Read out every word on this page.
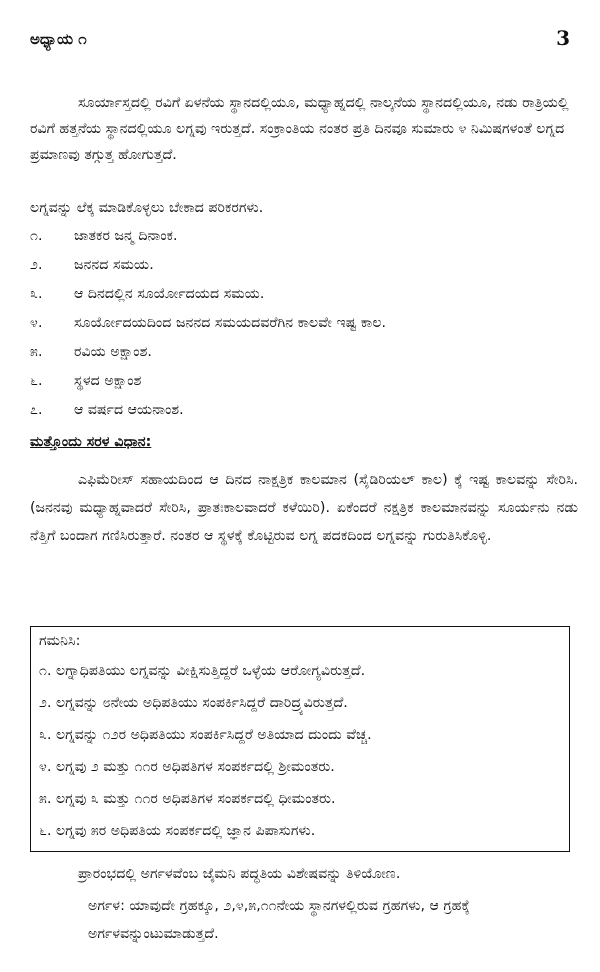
ಅಧ್ಯಾಯ ೧	3

ಸೂರ್ಯಾಸ್ತದಲ್ಲಿ ರವಿಗೆ ಏಳನೆಯ ಸ್ಥಾನದಲ್ಲಿಯೂ, ಮಧ್ಯಾಹ್ನದಲ್ಲಿ ನಾಲ್ಕನೆಯ ಸ್ಥಾನದಲ್ಲಿಯೂ, ನಡು ರಾತ್ರಿಯಲ್ಲಿ ರವಿಗೆ ಹತ್ತನೆಯ ಸ್ಥಾನದಲ್ಲಿಯೂ ಲಗ್ನವು ಇರುತ್ತದೆ. ಸಂಕ್ರಾಂತಿಯ ನಂತರ ಪ್ರತಿ ದಿನವೂ ಸುಮಾರು ೪ ನಿಮಿಷಗಳಂತೆ ಲಗ್ನದ ಪ್ರಮಾಣವು ತಗ್ಗುತ್ತ ಹೋಗುತ್ತದೆ.

ಲಗ್ನವನ್ನು ಲೆಕ್ಕ ಮಾಡಿಕೊಳ್ಳಲು ಬೇಕಾದ ಪರಿಕರಗಳು.
೧. ಜಾತಕರ ಜನ್ಮ ದಿನಾಂಕ.
೨. ಜನನದ ಸಮಯ.
೩. ಆ ದಿನದಲ್ಲಿನ ಸೂರ್ಯೋದಯದ ಸಮಯ.
೪. ಸೂರ್ಯೋದಯದಿಂದ ಜನನದ ಸಮಯದವರೆಗಿನ ಕಾಲವೇ ಇಷ್ಟ ಕಾಲ.
೫. ರವಿಯ ಅಕ್ಷಾಂಶ.
೬. ಸ್ಥಳದ ಅಕ್ಷಾಂಶ
೭. ಆ ವರ್ಷದ ಆಯನಾಂಶ.
ಮತ್ತೊಂದು ಸರಳ ವಿಧಾನ:

ಎಫಿಮೆರೀಸ್ ಸಹಾಯದಿಂದ ಆ ದಿನದ ನಾಕ್ಷತ್ರಿಕ ಕಾಲಮಾನ (ಸೈಡಿರಿಯಲ್ ಕಾಲ) ಕ್ಕೆ ಇಷ್ಟ ಕಾಲವನ್ನು ಸೇರಿಸಿ. (ಜನನವು ಮಧ್ಯಾಹ್ನವಾದರೆ ಸೇರಿಸಿ, ಪ್ರಾತಃಕಾಲವಾದರೆ ಕಳೆಯಿರಿ). ಏಕೆಂದರೆ ನಕ್ಷತ್ರಿಕ ಕಾಲಮಾನವನ್ನು ಸೂರ್ಯನು ನಡು ನೆತ್ತಿಗೆ ಬಂದಾಗ ಗಣಿಸಿರುತ್ತಾರೆ. ನಂತರ ಆ ಸ್ಥಳಕ್ಕೆ ಕೊಟ್ಟಿರುವ ಲಗ್ನ ಪದಕದಿಂದ ಲಗ್ನವನ್ನು ಗುರುತಿಸಿಕೊಳ್ಳಿ.

ಗಮನಿಸಿ:
೧. ಲಗ್ನಾಧಿಪತಿಯು ಲಗ್ನವನ್ನು ವೀಕ್ಷಿಸುತ್ತಿದ್ದರೆ ಒಳ್ಳೆಯ ಆರೋಗ್ಯವಿರುತ್ತದೆ.
೨. ಲಗ್ನವನ್ನು ೮ನೇಯ ಅಧಿಪತಿಯು ಸಂಪರ್ಕಿಸಿದ್ದರೆ ದಾರಿದ್ರ್ಯವಿರುತ್ತದೆ.
೩. ಲಗ್ನವನ್ನು ೧೨ರ ಅಧಿಪತಿಯು ಸಂಪರ್ಕಿಸಿದ್ದರೆ ಅತಿಯಾದ ದುಂದು ವೆಚ್ಚ.
೪. ಲಗ್ನವು ೨ ಮತ್ತು ೧೧ರ ಅಧಿಪತಿಗಳ ಸಂಪರ್ಕದಲ್ಲಿ ಶ್ರೀಮಂತರು.
೫. ಲಗ್ನವು ೩ ಮತ್ತು ೧೧ರ ಅಧಿಪತಿಗಳ ಸಂಪರ್ಕದಲ್ಲಿ ಧೀಮಂತರು.
೬. ಲಗ್ನವು ೫ರ ಅಧಿಪತಿಯ ಸಂಪರ್ಕದಲ್ಲಿ ಜ್ಞಾನ ಪಿಪಾಸುಗಳು.

ಪ್ರಾರಂಭದಲ್ಲಿ ಅರ್ಗಳವೆಂಬ ಜೈಮನಿ ಪದ್ಧತಿಯ ವಿಶೇಷವನ್ನು ತಿಳಿಯೋಣ.

ಅರ್ಗಳ: ಯಾವುದೇ ಗ್ರಹಕ್ಕೂ, ೨,೪,೫,೧೧ನೇಯ ಸ್ಥಾನಗಳಲ್ಲಿರುವ ಗ್ರಹಗಳು, ಆ ಗ್ರಹಕ್ಕೆ ಅರ್ಗಳವನ್ನುಂಟುಮಾಡುತ್ತದೆ.
